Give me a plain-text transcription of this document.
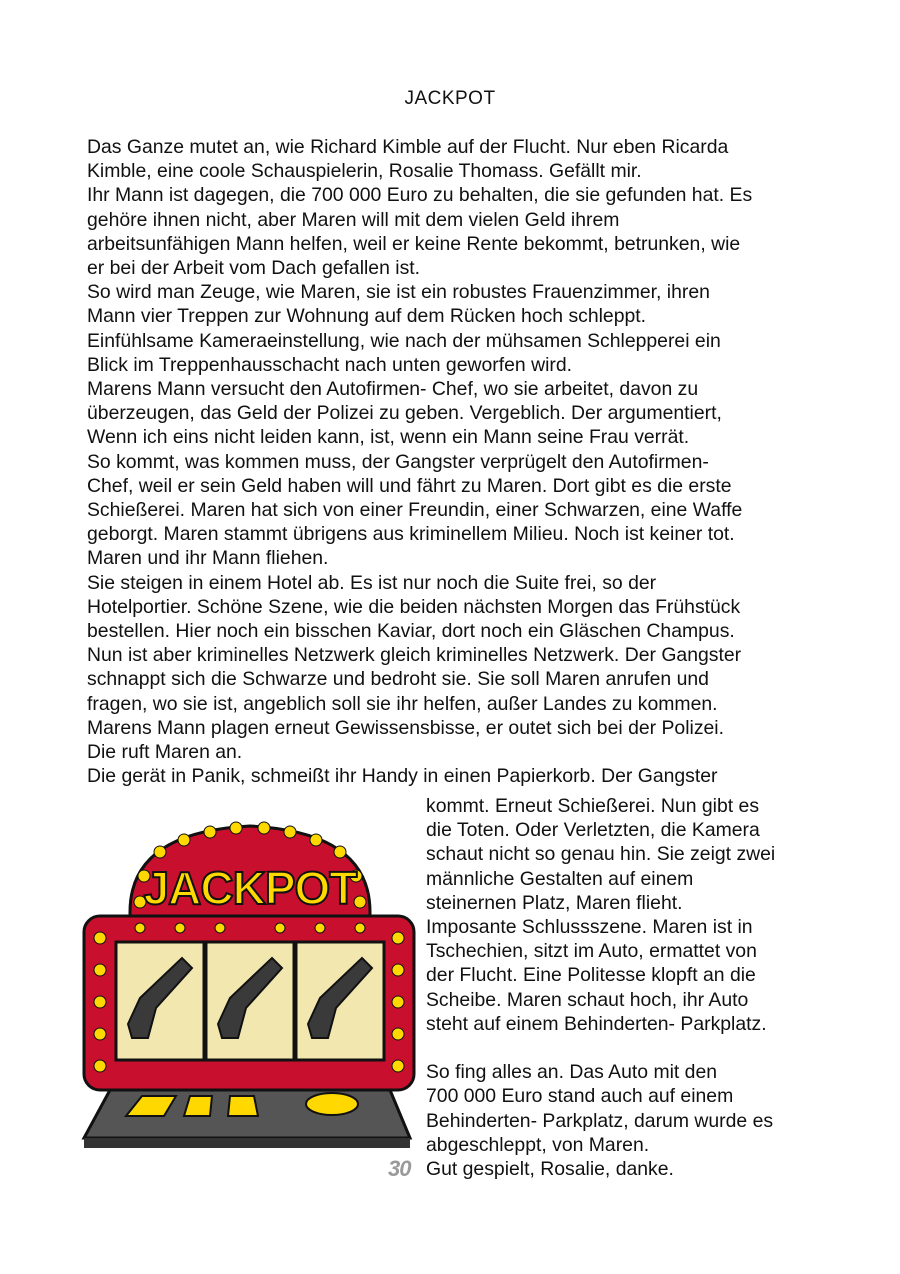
JACKPOT

Das Ganze mutet an, wie Richard Kimble auf der Flucht. Nur eben Ricarda

Kimble, eine coole Schauspielerin, Rosalie Thomass. Gefällt mir.

Ihr Mann ist dagegen, die 700 000 Euro zu behalten, die sie gefunden hat. Es

gehöre ihnen nicht, aber Maren will mit dem vielen Geld ihrem

arbeitsunfähigen Mann helfen, weil er keine Rente bekommt, betrunken, wie

er bei der Arbeit vom Dach gefallen ist.

So wird man Zeuge, wie Maren, sie ist ein robustes Frauenzimmer, ihren

Mann vier Treppen zur Wohnung auf dem Rücken hoch schleppt.

Einfühlsame Kameraeinstellung, wie nach der mühsamen Schlepperei ein

Blick im Treppenhausschacht nach unten geworfen wird.

Marens Mann versucht den Autofirmen- Chef, wo sie arbeitet, davon zu

überzeugen, das Geld der Polizei zu geben. Vergeblich. Der argumentiert,

Wenn ich eins nicht leiden kann, ist, wenn ein Mann seine Frau verrät.

So kommt, was kommen muss, der Gangster verprügelt den Autofirmen-

Chef, weil er sein Geld haben will und fährt zu Maren. Dort gibt es die erste

Schießerei. Maren hat sich von einer Freundin, einer Schwarzen, eine Waffe

geborgt. Maren stammt übrigens aus kriminellem Milieu. Noch ist keiner tot.

Maren und ihr Mann fliehen.

Sie steigen in einem Hotel ab. Es ist nur noch die Suite frei, so der

Hotelportier. Schöne Szene, wie die beiden nächsten Morgen das Frühstück

bestellen. Hier noch ein bisschen Kaviar, dort noch ein Gläschen Champus.

Nun ist aber kriminelles Netzwerk gleich kriminelles Netzwerk. Der Gangster

schnappt sich die Schwarze und bedroht sie. Sie soll Maren anrufen und

fragen, wo sie ist, angeblich soll sie ihr helfen, außer Landes zu kommen.

Marens Mann plagen erneut Gewissensbisse, er outet sich bei der Polizei.

Die ruft Maren an.

Die gerät in Panik, schmeißt ihr Handy in einen Papierkorb. Der Gangster

kommt. Erneut Schießerei. Nun gibt es

die Toten. Oder Verletzten, die Kamera

schaut nicht so genau hin. Sie zeigt zwei

männliche Gestalten auf einem

steinernen Platz, Maren flieht.

Imposante Schlussszene. Maren ist in

Tschechien, sitzt im Auto, ermattet von

der Flucht. Eine Politesse klopft an die

Scheibe. Maren schaut hoch, ihr Auto

steht auf einem Behinderten- Parkplatz.

So fing alles an. Das Auto mit den

700 000 Euro stand auch auf einem

Behinderten- Parkplatz, darum wurde es

abgeschleppt, von Maren.

Gut gespielt, Rosalie, danke.

JACKPOT
30
